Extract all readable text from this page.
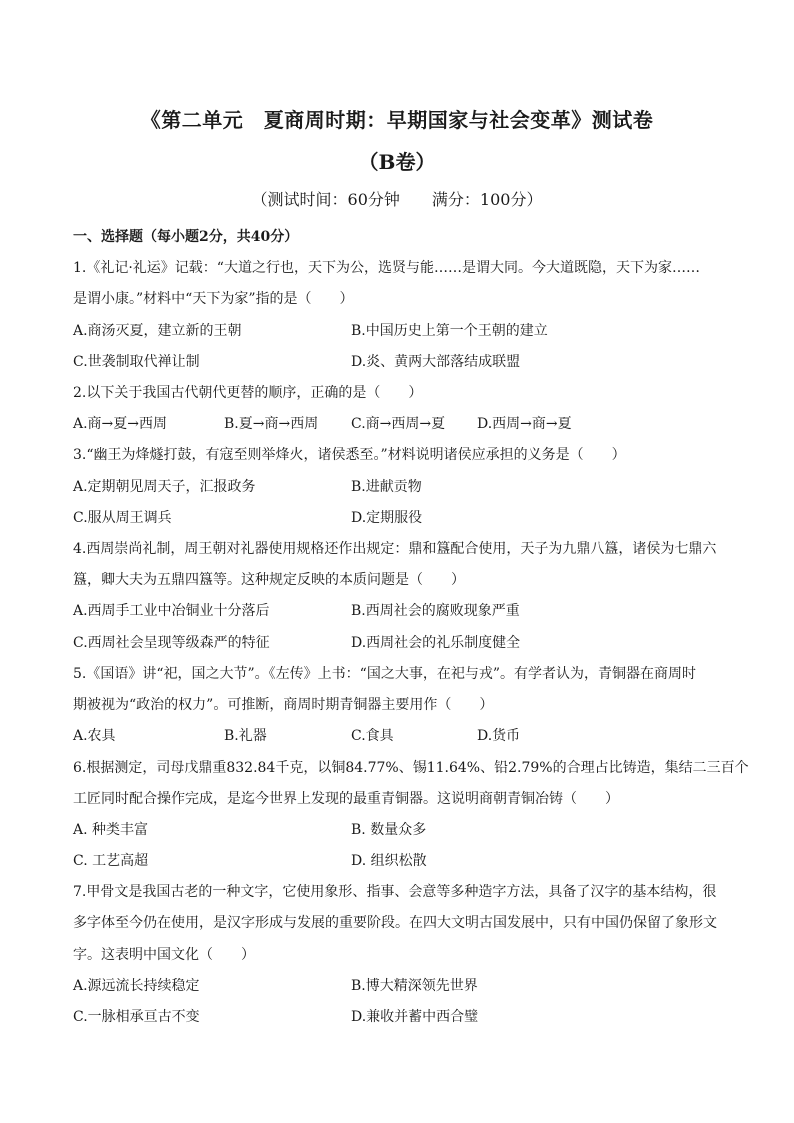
《第二单元　夏商周时期：早期国家与社会变革》测试卷
（B卷）
（测试时间：60分钟　　满分：100分）
一、选择题（每小题2分，共40分）
1.《礼记·礼运》记载：“大道之行也，天下为公，选贤与能……是谓大同。今大道既隐，天下为家……
是谓小康。”材料中“天下为家”指的是（　　）
A.商汤灭夏，建立新的王朝	B.中国历史上第一个王朝的建立
C.世袭制取代禅让制	D.炎、黄两大部落结成联盟
2.以下关于我国古代朝代更替的顺序，正确的是（　　）
A.商→夏→西周	B.夏→商→西周 C.商→西周→夏 D.西周→商→夏
3.“幽王为烽燧打鼓，有寇至则举烽火，诸侯悉至。”材料说明诸侯应承担的义务是（　　）
A.定期朝见周天子，汇报政务	B.进献贡物
C.服从周王调兵	D.定期服役
4.西周崇尚礼制，周王朝对礼器使用规格还作出规定：鼎和簋配合使用，天子为九鼎八簋，诸侯为七鼎六
簋，卿大夫为五鼎四簋等。这种规定反映的本质问题是（　　）
A.西周手工业中冶铜业十分落后	B.西周社会的腐败现象严重
C.西周社会呈现等级森严的特征	D.西周社会的礼乐制度健全
5.《国语》讲“祀，国之大节”。《左传》上书：“国之大事，在祀与戎”。有学者认为，青铜器在商周时
期被视为“政治的权力”。可推断，商周时期青铜器主要用作（　　）
A.农具	B.礼器	C.食具	D.货币
6.根据测定，司母戊鼎重832.84千克，以铜84.77%、锡11.64%、铅2.79%的合理占比铸造，集结二三百个
工匠同时配合操作完成，是迄今世界上发现的最重青铜器。这说明商朝青铜冶铸（　　）
A. 种类丰富	B. 数量众多
C. 工艺高超	D. 组织松散
7.甲骨文是我国古老的一种文字，它使用象形、指事、会意等多种造字方法，具备了汉字的基本结构，很
多字体至今仍在使用，是汉字形成与发展的重要阶段。在四大文明古国发展中，只有中国仍保留了象形文
字。这表明中国文化（　　）
A.源远流长持续稳定	B.博大精深领先世界
C.一脉相承亘古不变	D.兼收并蓄中西合璧
